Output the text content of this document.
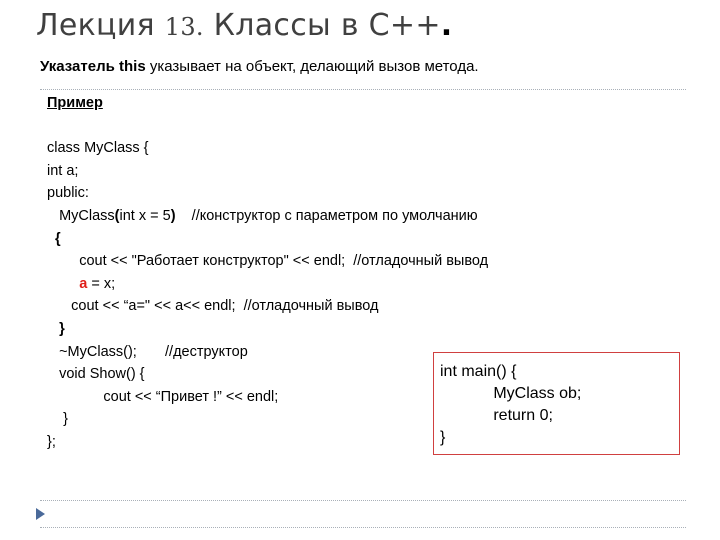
Лекция 13. Классы в С++.
Указатель this указывает на объект, делающий вызов метода.
Пример
class MyClass {
int a;
public:
MyClass(int x = 5)    //конструктор с параметром по умолчанию
{
cout << "Работает конструктор" << endl;  //отладочный вывод
a = x;
cout << “a=" << a<< endl;  //отладочный вывод
}
~MyClass();       //деструктор
void Show() {
cout << “Привет !” << endl;
}
};
int main() {
MyClass ob;
return 0;
}
